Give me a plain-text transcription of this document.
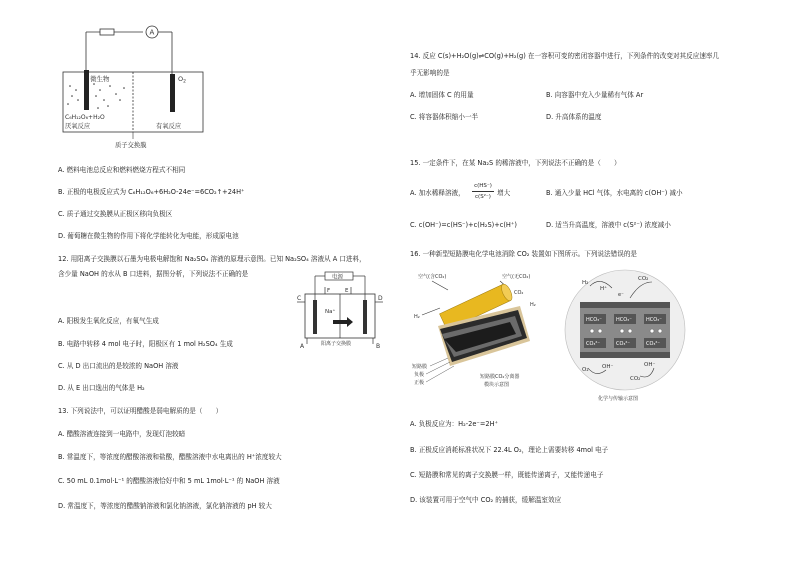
A
微生物	$O_2$
C₆H₁₂O₆+H₂O
厌氧反应	有氧反应
质子交换膜
A. 燃料电池总反应和燃料燃烧方程式不相同
B. 正极的电极反应式为 C₆H₁₂O₆+6H₂O-24e⁻=6CO₂↑+24H⁺
C. 质子通过交换膜从正极区移向负极区
D. 葡萄糖在微生物的作用下将化学能转化为电能，形成原电池
12. 用阳离子交换膜以石墨为电极电解饱和 Na₂SO₄ 溶液的原理示意图。已知 Na₂SO₄ 溶液从 A 口进料，
含少量 NaOH 的水从 B 口进料，据图分析，下列说法不正确的是	电源
C	D
F	E
A	B
Na⁺
阳离子交换膜
A. 阳极发生氧化反应，有氧气生成
B. 电路中转移 4 mol 电子时，阳极区有 1 mol H₂SO₄ 生成
C. 从 D 出口流出的是较浓的 NaOH 溶液
D. 从 E 出口逸出的气体是 H₂
13. 下列说法中，可以证明醋酸是弱电解质的是（　　）
A. 醋酸溶液连接到一电路中，发现灯泡较暗
B. 常温度下，等浓度的醋酸溶液和盐酸，醋酸溶液中水电离出的 H⁺浓度较大
C. 50 mL 0.1mol·L⁻¹ 的醋酸溶液恰好中和 5 mL 1mol·L⁻¹ 的 NaOH 溶液
D. 常温度下，等浓度的醋酸钠溶液和氯化钠溶液，氯化钠溶液的 pH 较大
14. 反应 C(s)+H₂O(g)⇌CO(g)+H₂(g) 在一容积可变的密闭容器中进行，下列条件的改变对其反应速率几
乎无影响的是
A. 增加固体 C 的用量	B. 向容器中充入少量稀有气体 Ar
C. 将容器体积缩小一半	D. 升高体系的温度
15. 一定条件下，在某 Na₂S 的稀溶液中，下列说法不正确的是（　　）
A. 加水稀释溶液，
c(HS⁻)
c(S²⁻) 增大	B. 通入少量 HCl 气体，水电离的 c(OH⁻) 减小
C. c(OH⁻)=c(HS⁻)+c(H₂S)+c(H⁺)	D. 适当升高温度，溶液中 c(S²⁻) 浓度减小
16. 一种新型短路膜电化学电池消除 CO₂ 装置如下图所示。下列说法错误的是
空气(含CO₂)	空气(无CO₂)
CO₂
H₂
H₂
短路膜
负极
正极
短路膜CO₂分离器
模块示意图
H₂
H⁺
CO₂
e⁻
HCO₃⁻	HCO₃⁻	HCO₃⁻
CO₃²⁻	CO₃²⁻	CO₃²⁻
O₂ OH⁻
CO₂
OH⁻
化学与传输示意图
A. 负极反应为：H₂-2e⁻=2H⁺
B. 正极反应消耗标准状况下 22.4L O₂，理论上需要转移 4mol 电子
C. 短路膜和常见的离子交换膜一样，既能传递离子，又能传递电子
D. 该装置可用于空气中 CO₂ 的捕获，缓解温室效应
